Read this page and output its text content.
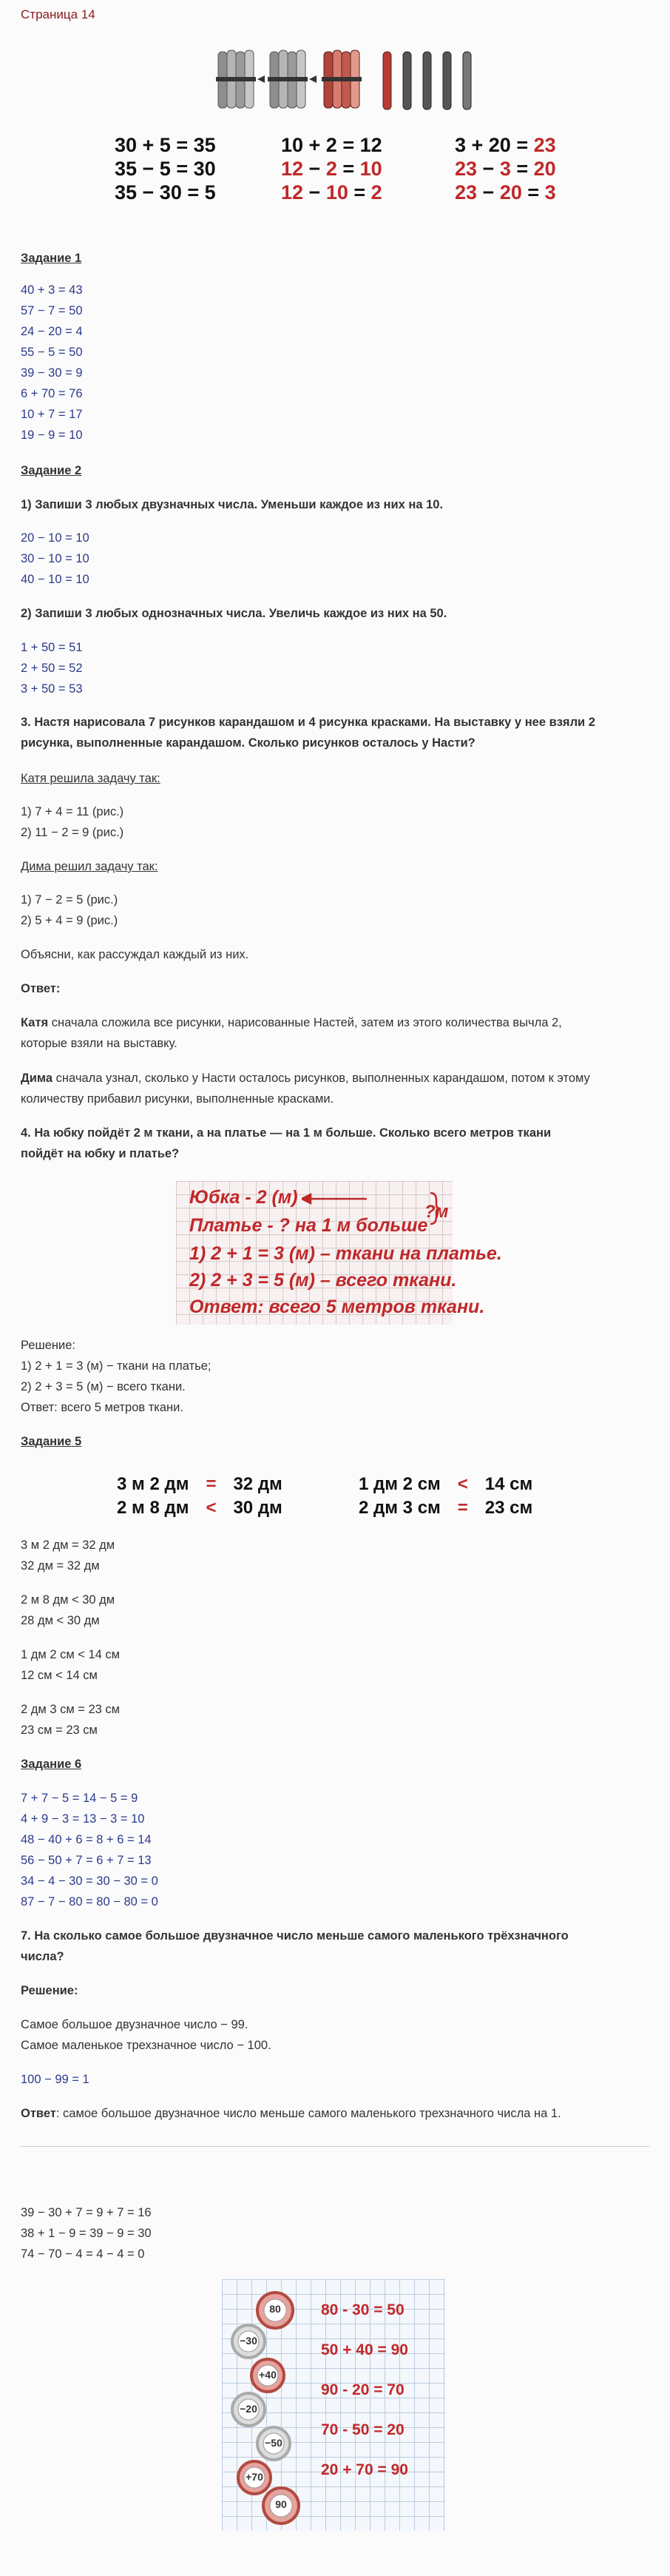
Страница 14
30 + 5 = 35
35 − 5 = 30
35 − 30 = 5
10 + 2 = 12
12 − 2 = 10
12 − 10 = 2
3 + 20 = 23
23 − 3 = 20
23 − 20 = 3
Задание 1
40 + 3 = 43
57 − 7 = 50
24 − 20 = 4
55 − 5 = 50
39 − 30 = 9
6 + 70 = 76
10 + 7 = 17
19 − 9 = 10
Задание 2
1) Запиши 3 любых двузначных числа. Уменьши каждое из них на 10.
20 − 10 = 10
30 − 10 = 10
40 − 10 = 10
2) Запиши 3 любых однозначных числа. Увеличь каждое из них на 50.
1 + 50 = 51
2 + 50 = 52
3 + 50 = 53
3. Настя нарисовала 7 рисунков карандашом и 4 рисунка красками. На выставку у нее взяли 2
рисунка, выполненные карандашом. Сколько рисунков осталось у Насти?
Катя решила задачу так:
1) 7 + 4 = 11 (рис.)
2) 11 − 2 = 9 (рис.)
Дима решил задачу так:
1) 7 − 2 = 5 (рис.)
2) 5 + 4 = 9 (рис.)
Объясни, как рассуждал каждый из них.
Ответ:
Катя сначала сложила все рисунки, нарисованные Настей, затем из этого количества вычла 2,
которые взяли на выставку.
Дима сначала узнал, сколько у Насти осталось рисунков, выполненных карандашом, потом к этому
количеству прибавил рисунки, выполненные красками.
4. На юбку пойдёт 2 м ткани, а на платье — на 1 м больше. Сколько всего метров ткани
пойдёт на юбку и платье?
Юбка - 2 (м)
?м
Платье - ? на 1 м больше
1) 2 + 1 = 3 (м) – ткани на платье.
2) 2 + 3 = 5 (м) – всего ткани.
Ответ: всего 5 метров ткани.
Решение:
1) 2 + 1 = 3 (м) − ткани на платье;
2) 2 + 3 = 5 (м) − всего ткани.
Ответ: всего 5 метров ткани.
Задание 5
3 м 2 дм = 32 дм
2 м 8 дм < 30 дм
1 дм 2 см < 14 см
2 дм 3 см = 23 см
3 м 2 дм = 32 дм
32 дм = 32 дм
2 м 8 дм < 30 дм
28 дм < 30 дм
1 дм 2 см < 14 см
12 см < 14 см
2 дм 3 см = 23 см
23 см = 23 см
Задание 6
7 + 7 − 5 = 14 − 5 = 9
4 + 9 − 3 = 13 − 3 = 10
48 − 40 + 6 = 8 + 6 = 14
56 − 50 + 7 = 6 + 7 = 13
34 − 4 − 30 = 30 − 30 = 0
87 − 7 − 80 = 80 − 80 = 0
7. На сколько самое большое двузначное число меньше самого маленького трёхзначного
числа?
Решение:
Самое большое двузначное число − 99.
Самое маленькое трехзначное число − 100.
100 − 99 = 1
Ответ: самое большое двузначное число меньше самого маленького трехзначного числа на 1.
39 − 30 + 7 = 9 + 7 = 16
38 + 1 − 9 = 39 − 9 = 30
74 − 70 − 4 = 4 − 4 = 0
80
−30
+40
−20
−50
+70
90
80 - 30 = 50
50 + 40 = 90
90 - 20 = 70
70 - 50 = 20
20 + 70 = 90
